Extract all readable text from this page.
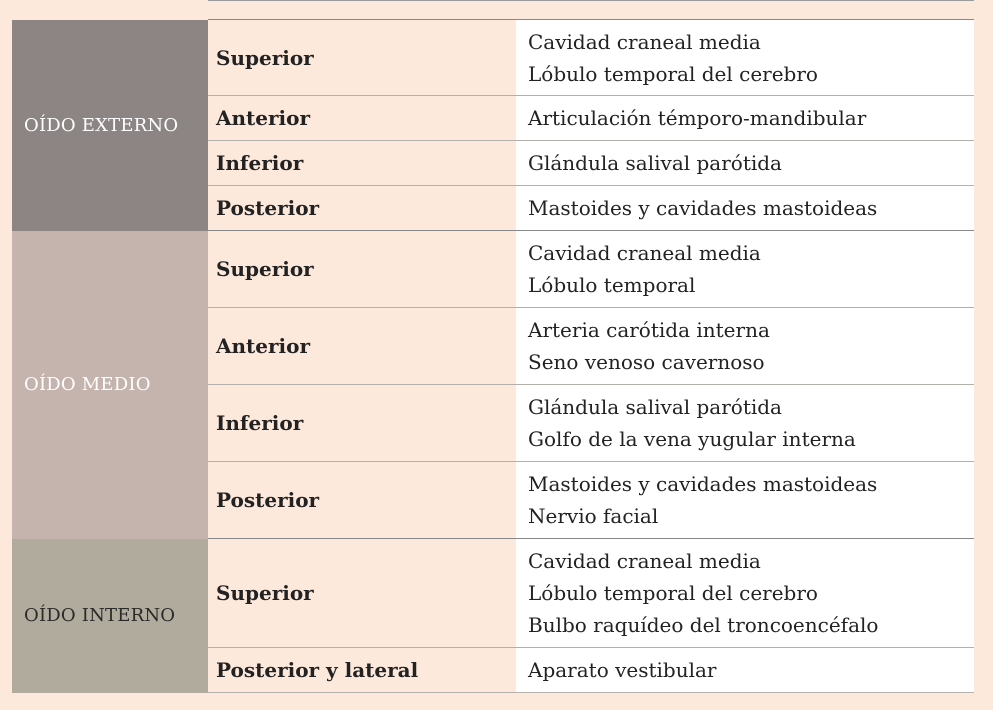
OÍDO EXTERNO	Superior	Cavidad craneal media
Lóbulo temporal del cerebro

	Anterior	Articulación témporo-mandibular

	Inferior	Glándula salival parótida

	Posterior	Mastoides y cavidades mastoideas

OÍDO MEDIO	Superior	Cavidad craneal media
Lóbulo temporal

	Anterior	Arteria carótida interna
Seno venoso cavernoso

	Inferior	Glándula salival parótida
Golfo de la vena yugular interna

	Posterior	Mastoides y cavidades mastoideas
Nervio facial

OÍDO INTERNO	Superior	Cavidad craneal media
Lóbulo temporal del cerebro
Bulbo raquídeo del troncoencéfalo

	Posterior y lateral	Aparato vestibular
